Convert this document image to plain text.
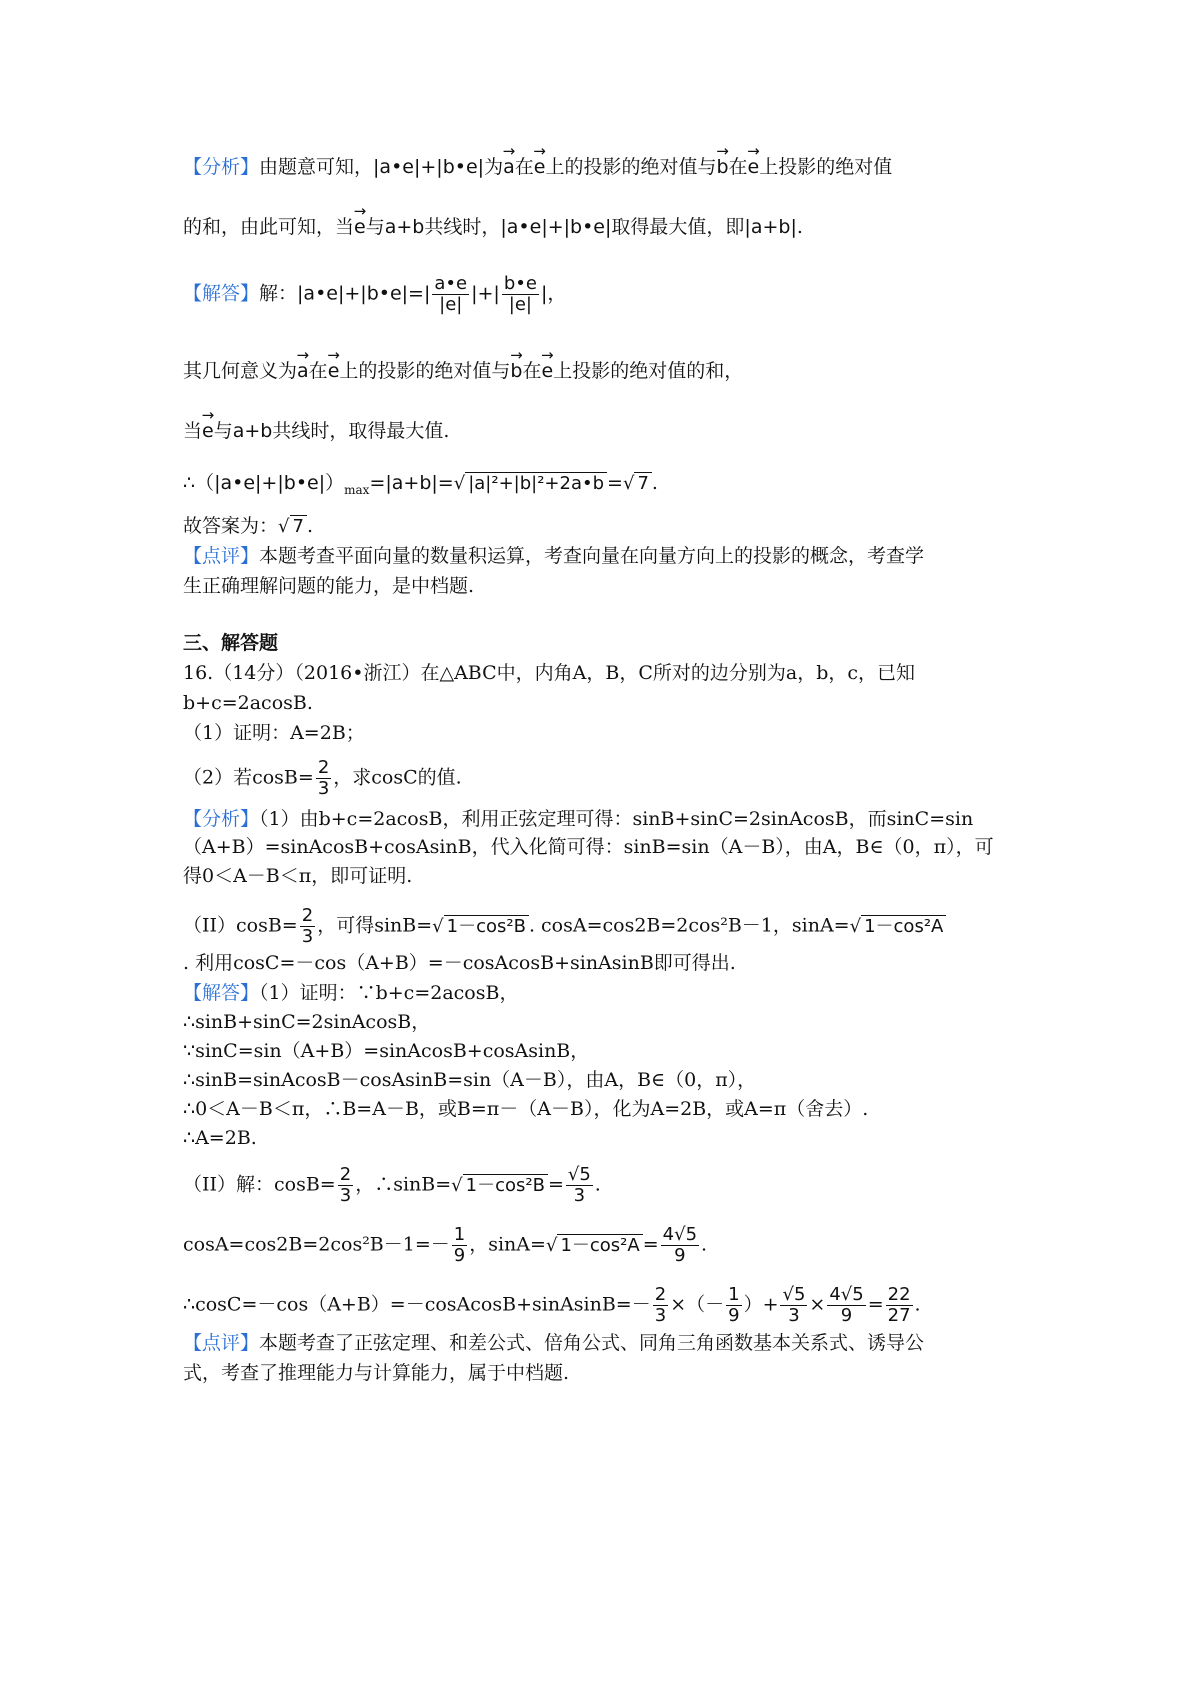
【分析】由题意可知，|a•e|+|b•e|为→ a在→ e上的投影的绝对值与→ b在→ e上投影的绝对值
的和，由此可知，当→ e与a+b共线时，|a•e|+|b•e|取得最大值，即|a+b|.
【解答】解：|a•e|+|b•e|=| $\frac{a•e}{|e|}$ |+| $\frac{b•e}{|e|}$ |，
其几何意义为→ a在→ e上的投影的绝对值与→ b在→ e上投影的绝对值的和，
当→ e与a+b共线时，取得最大值.
$\therefore(|a•e|+|b•e|)_{max}=|a+b|=√$ |a|²+|b|²+2a•b =√ 7 .
故答案为：√ 7 .
【点评】本题考查平面向量的数量积运算，考查向量在向量方向上的投影的概念，考查学
生正确理解问题的能力，是中档题.
三、解答题
16.（14分）（2016•浙江）在△ABC中，内角A，B，C所对的边分别为a，b，c，已知
b+c=2acosB.
（1）证明：A=2B；
（2）若$\cos B= \frac{2}{3}$ ，求cosC的值.
【分析】（1）由b+c=2acosB，利用正弦定理可得：sinB+sinC=2sinAcosB，而sinC=sin
（A+B）=sinAcosB+cosAsinB，代入化简可得：sinB=sin（A－B），由A，B∈（0，π），可
得0＜A－B＜π，即可证明.
$(II)\cos B= \frac{2}{3}$ ，可得sinB=√ 1－cos²B . cosA=cos2B=2cos²B－1，sinA=√ 1－cos²A
. 利用cosC=－cos（A+B）=－cosAcosB+sinAsinB即可得出.
【解答】（1）证明：∵b+c=2acosB，
∴sinB+sinC=2sinAcosB，
∵sinC=sin（A+B）=sinAcosB+cosAsinB，
∴sinB=sinAcosB－cosAsinB=sin（A－B），由A，B∈（0，π），
∴0＜A－B＜π，∴B=A－B，或B=π－（A－B），化为A=2B，或A=π（舍去）.
∴A=2B.
（II）解：$\cos B= \frac{2}{3}$ ，∴sinB=√ $1-\cos^2B = \frac{√5}{3}$ .
$\cos A=\cos 2B=2\cos^2B-1=- \frac{1}{9}$ ，sinA=√ $1-\cos^2A = \frac{4√5}{9}$ .
∴cosC=－cos（A+B）=－cosAcosB+sinAsinB=－ $\frac{2}{3}$ ×（－ $\frac{1}{9}$ ）+ $\frac{√5}{3} \times \frac{4√5}{9} = \frac{22}{27}$ .
【点评】本题考查了正弦定理、和差公式、倍角公式、同角三角函数基本关系式、诱导公
式，考查了推理能力与计算能力，属于中档题.
